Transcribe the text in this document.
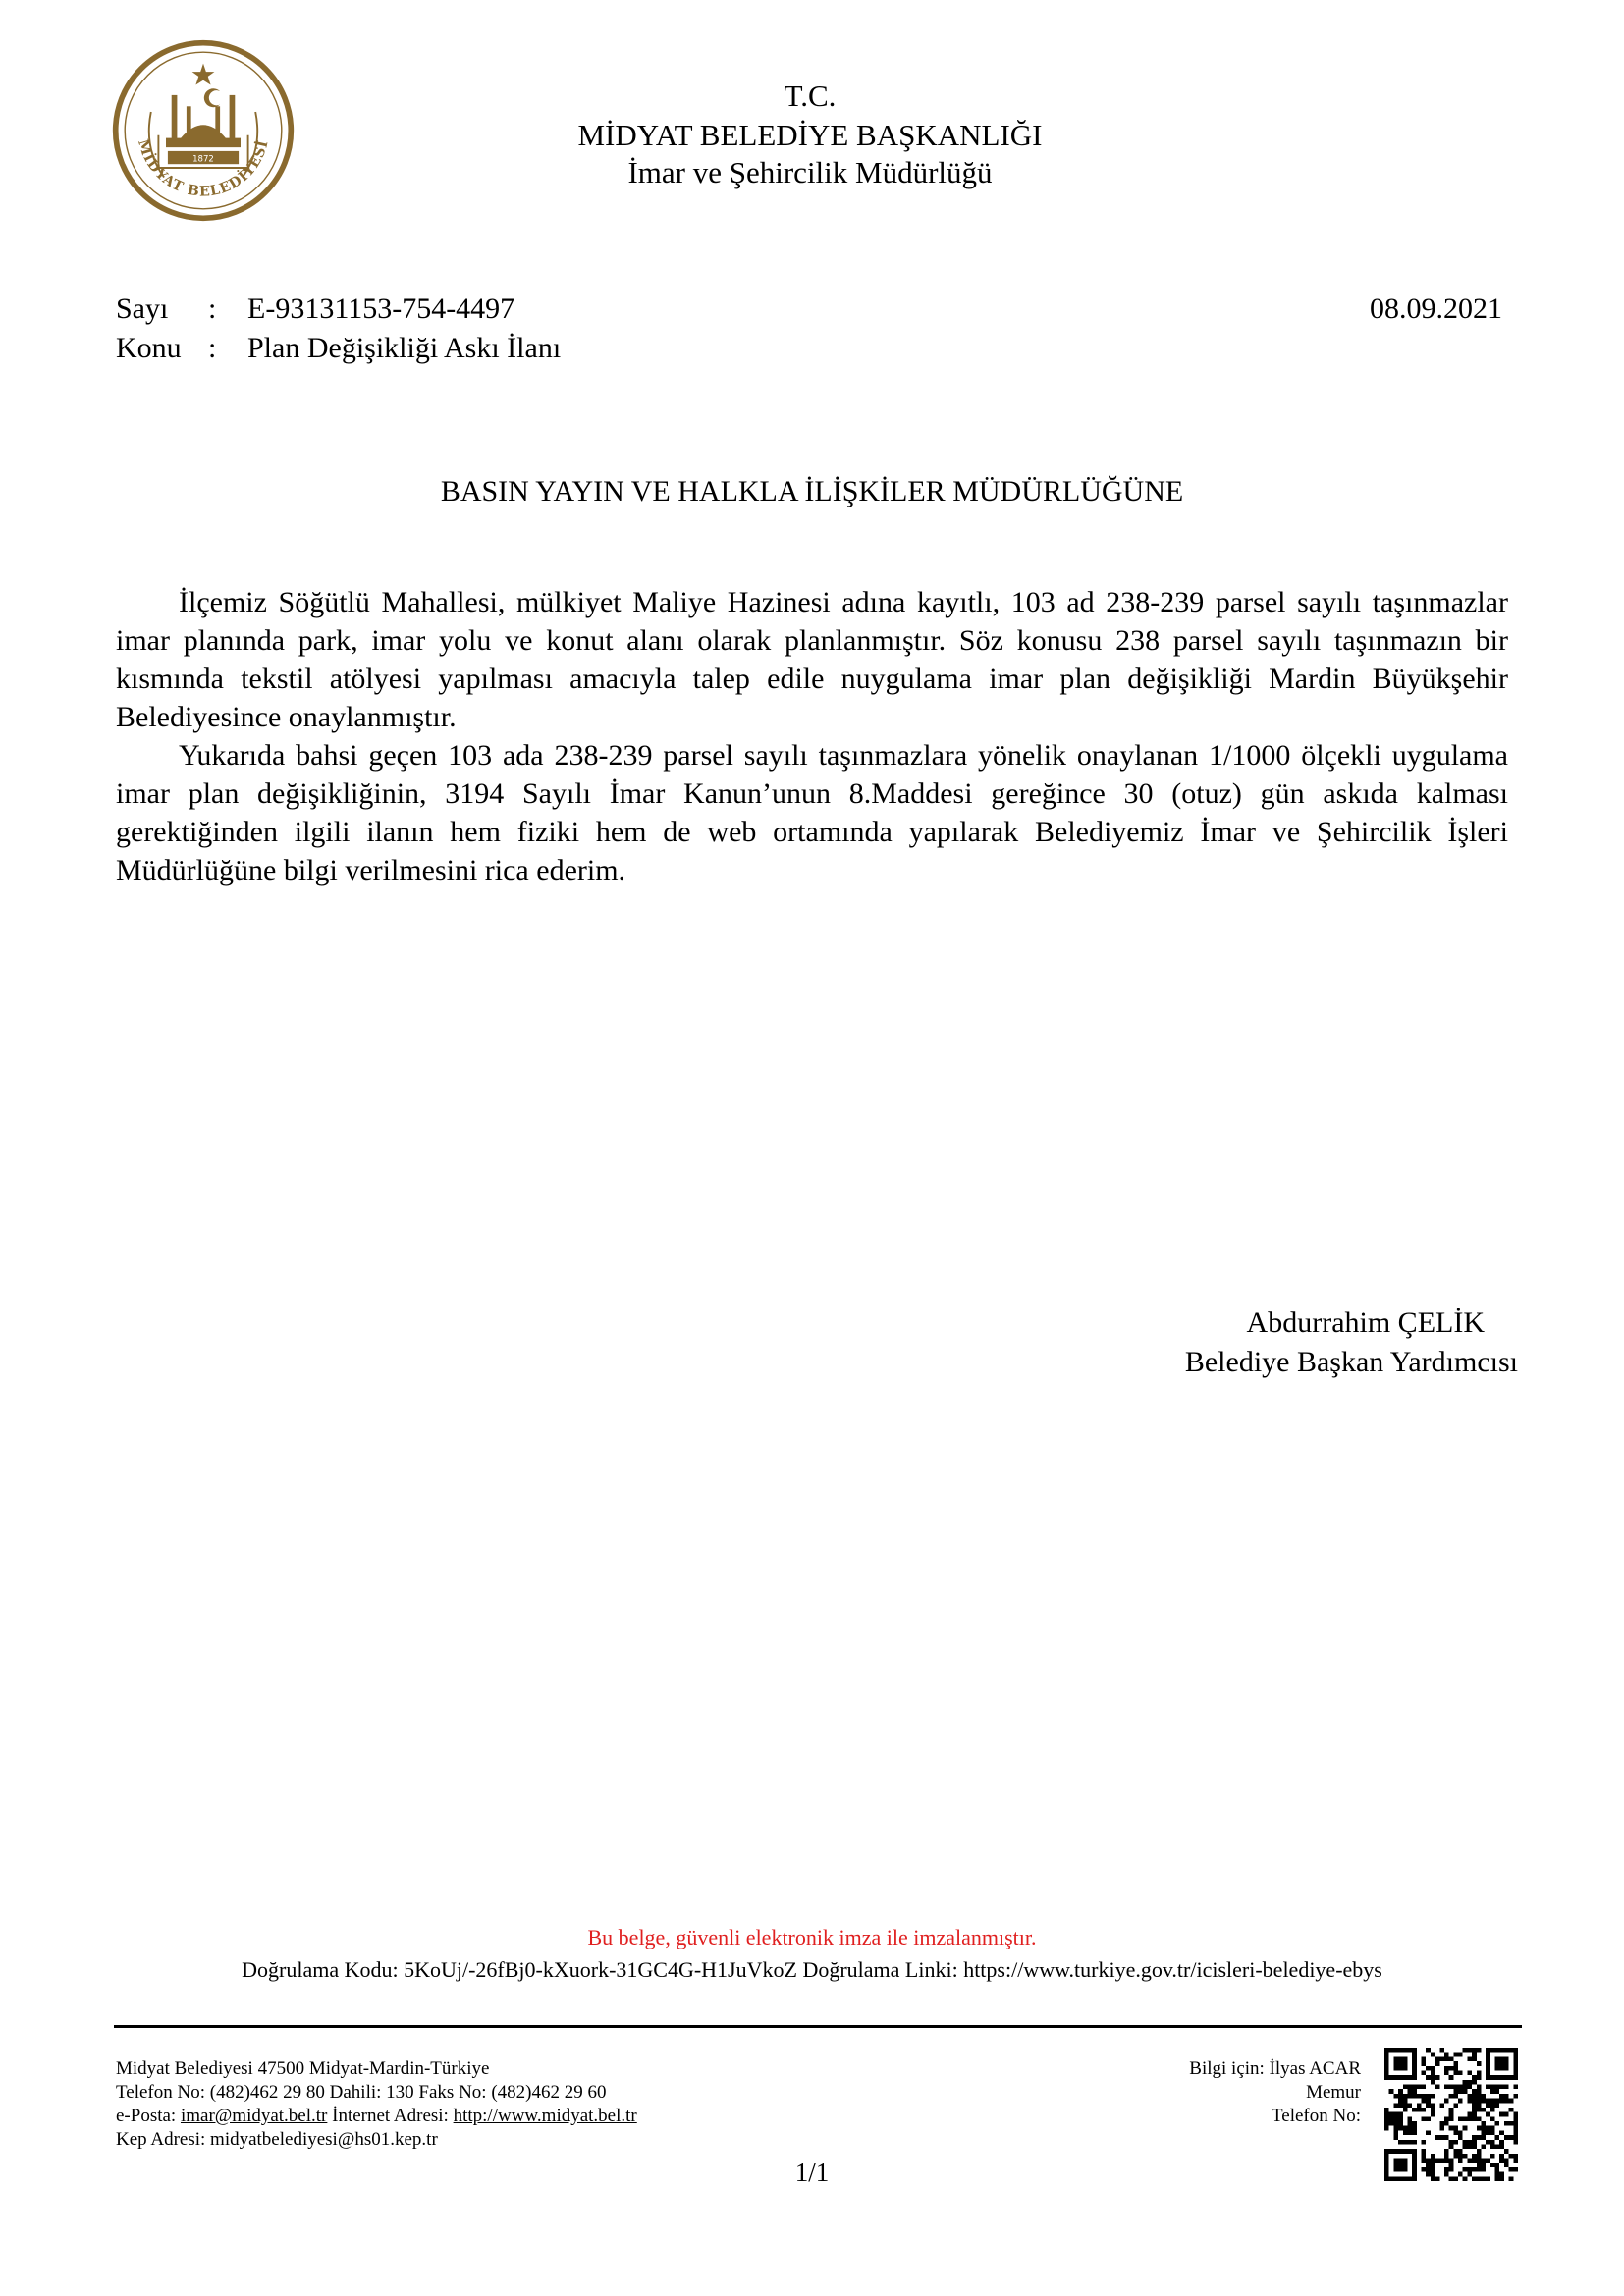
MİDYAT BELEDİYESİ
1872
T.C.
MİDYAT BELEDİYE BAŞKANLIĞI
İmar ve Şehircilik Müdürlüğü
Sayı : E-93131153-754-4497	08.09.2021
Konu : Plan Değişikliği Askı İlanı
BASIN YAYIN VE HALKLA İLİŞKİLER MÜDÜRLÜĞÜNE

İlçemiz Söğütlü Mahallesi, mülkiyet Maliye Hazinesi adına kayıtlı, 103 ad 238-239 parsel sayılı taşınmazlar imar planında park, imar yolu ve konut alanı olarak planlanmıştır. Söz konusu 238 parsel sayılı taşınmazın bir kısmında tekstil atölyesi yapılması amacıyla talep edile nuygulama imar plan değişikliği Mardin Büyükşehir Belediyesince onaylanmıştır.

Yukarıda bahsi geçen 103 ada 238-239 parsel sayılı taşınmazlara yönelik onaylanan 1/1000 ölçekli uygulama imar plan değişikliğinin, 3194 Sayılı İmar Kanun’unun 8.Maddesi gereğince 30 (otuz) gün askıda kalması gerektiğinden ilgili ilanın hem fiziki hem de web ortamında yapılarak Belediyemiz İmar ve Şehircilik İşleri Müdürlüğüne bilgi verilmesini rica ederim.

Abdurrahim ÇELİK
Belediye Başkan Yardımcısı
Bu belge, güvenli elektronik imza ile imzalanmıştır.
Doğrulama Kodu: 5KoUj/-26fBj0-kXuork-31GC4G-H1JuVkoZ Doğrulama Linki: https://www.turkiye.gov.tr/icisleri-belediye-ebys
Midyat Belediyesi 47500 Midyat-Mardin-Türkiye
Telefon No: (482)462 29 80 Dahili: 130 Faks No: (482)462 29 60
e-Posta: imar@midyat.bel.tr İnternet Adresi: http://www.midyat.bel.tr
Kep Adresi: midyatbelediyesi@hs01.kep.tr
Bilgi için: İlyas ACAR
Memur
Telefon No:
1/1
